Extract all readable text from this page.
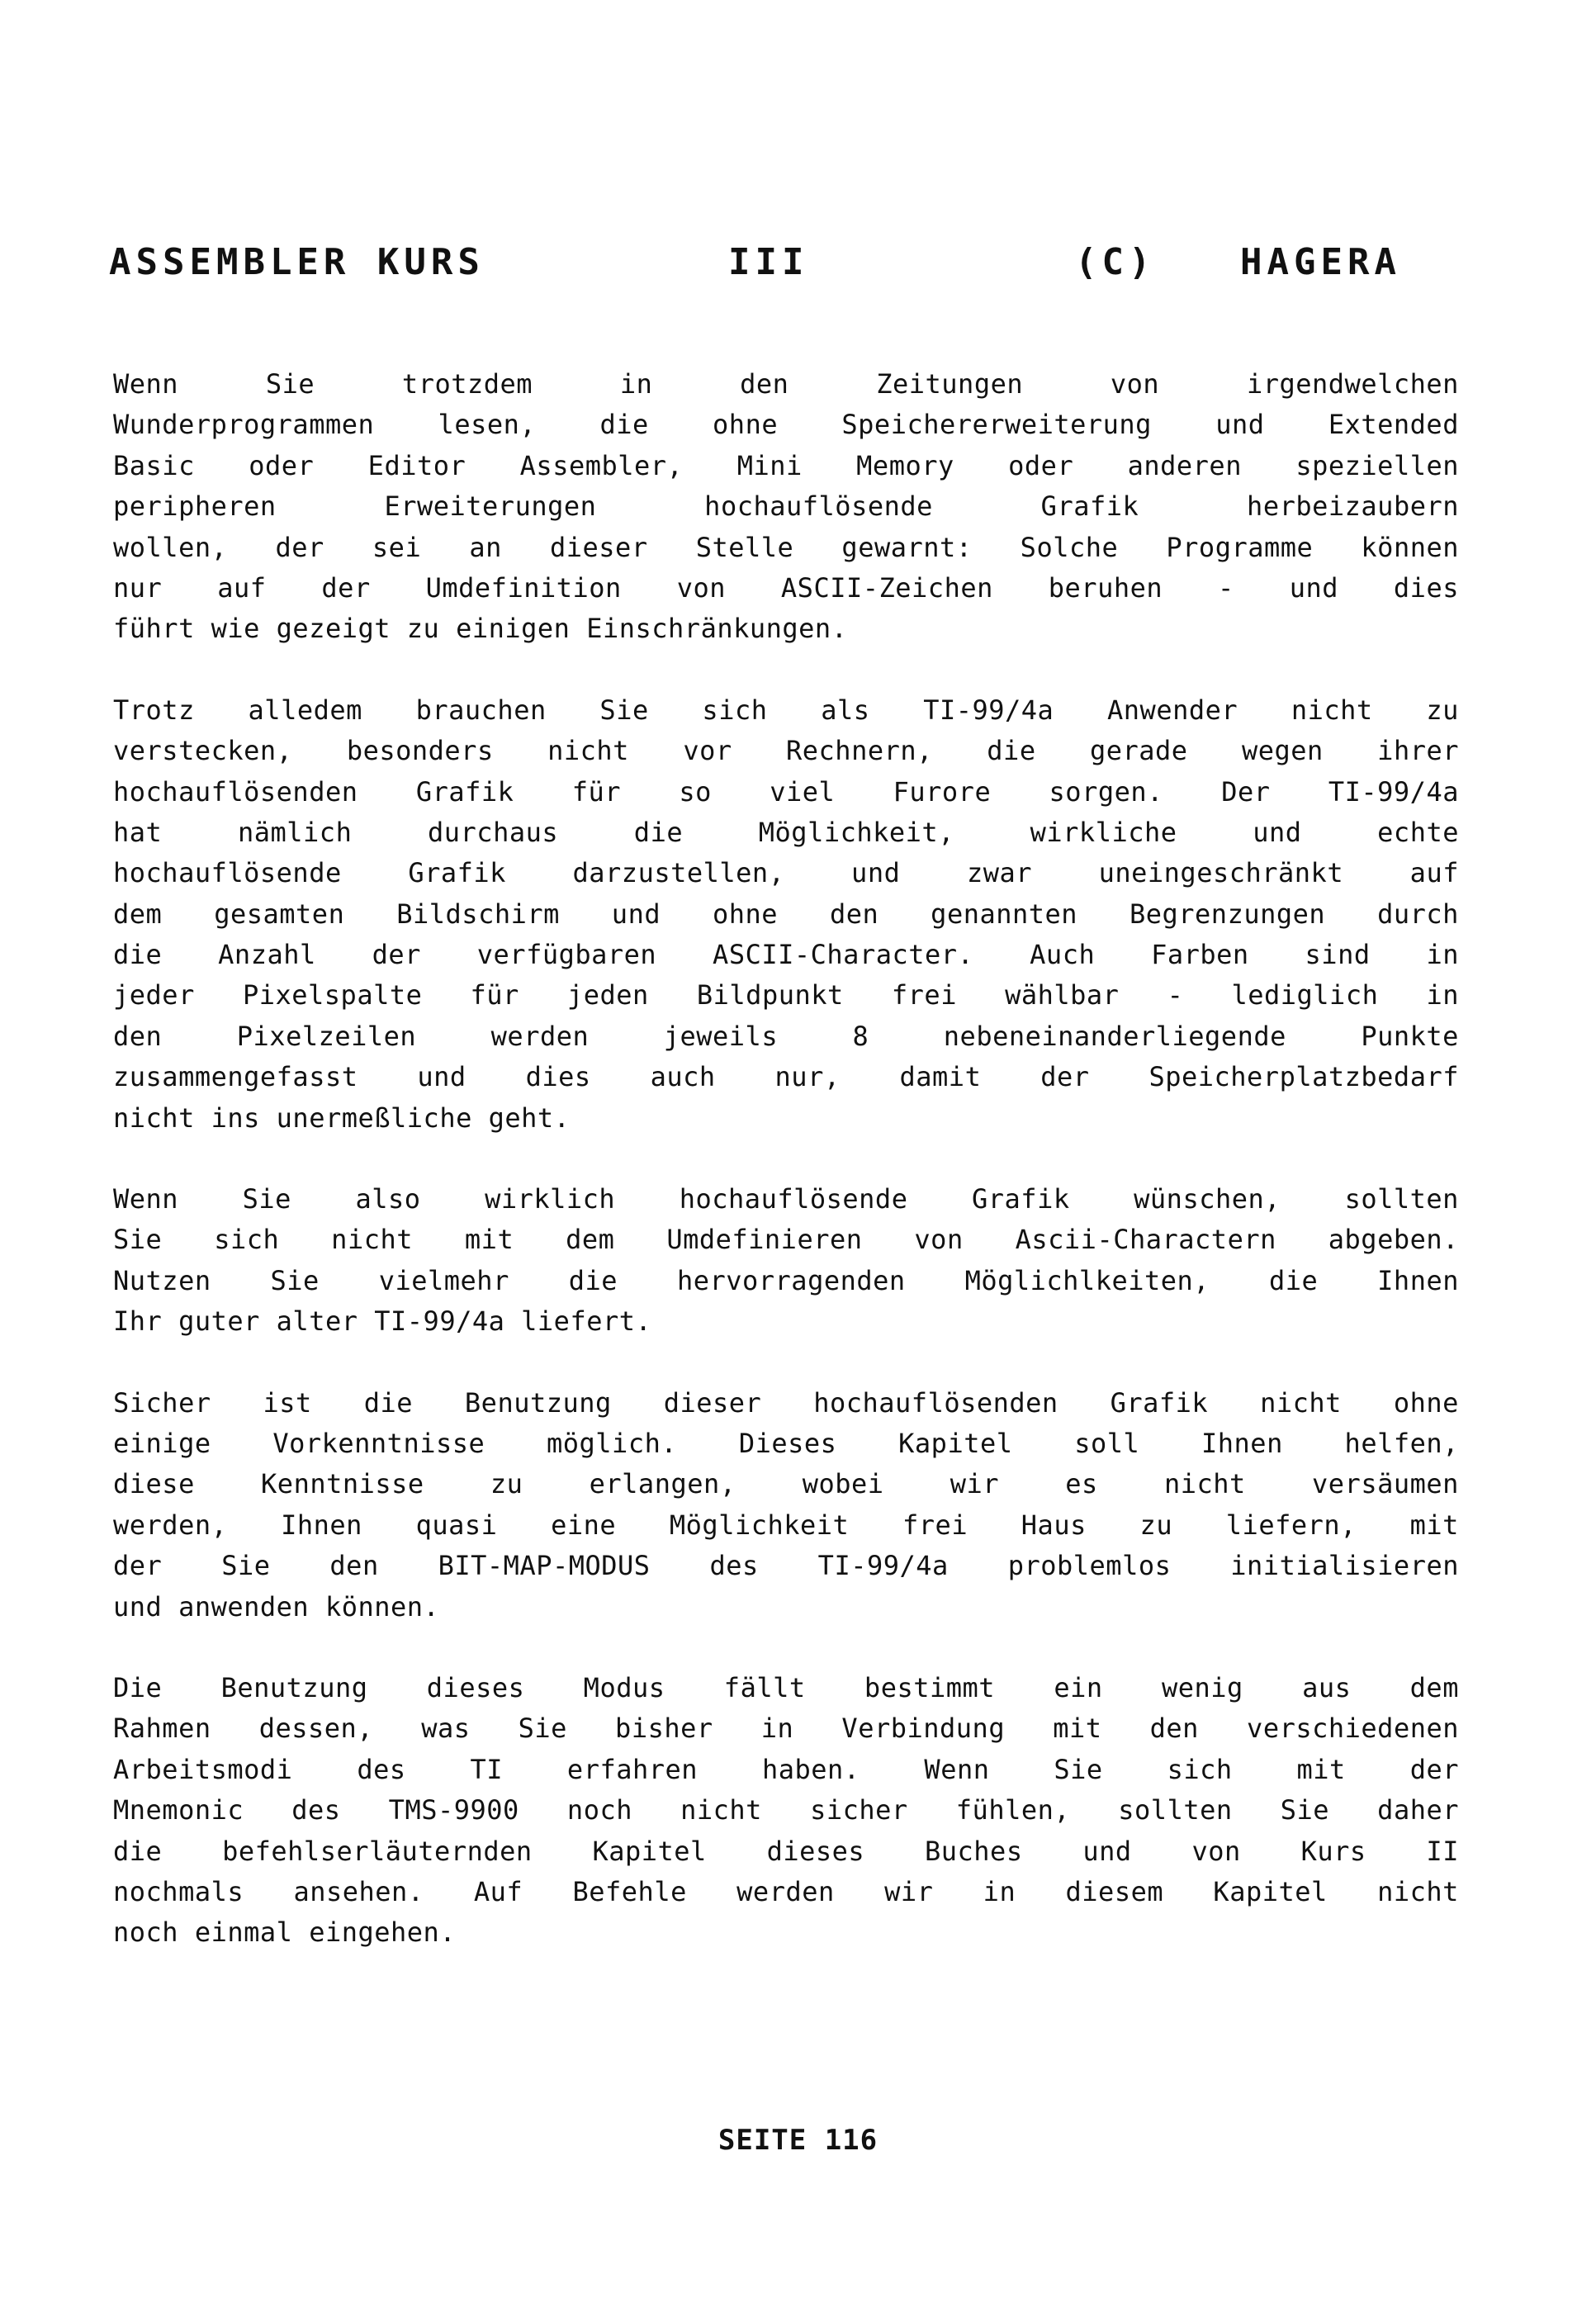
ASSEMBLER KURS

	III

	(C)

HAGERA

Wenn	Sie	trotzdem	in	den	Zeitungen	von	irgendwelchen
Wunderprogrammen lesen, die ohne Speichererweiterung und Extended
Basic oder Editor Assembler, Mini Memory oder anderen speziellen
peripheren	Erweiterungen	hochauflösende	Grafik	herbeizaubern
wollen, der sei an dieser Stelle gewarnt: Solche Programme können
nur auf der Umdefinition von ASCII-Zeichen beruhen - und dies
führt wie gezeigt zu einigen Einschränkungen.
Trotz alledem brauchen Sie sich als TI-99/4a Anwender nicht zu
verstecken, besonders nicht vor Rechnern, die gerade wegen ihrer
hochauflösenden Grafik für so viel Furore sorgen. Der TI-99/4a
hat	nämlich	durchaus	die	Möglichkeit,	wirkliche	und	echte
hochauflösende	Grafik	darzustellen,	und	zwar	uneingeschränkt	auf
dem gesamten Bildschirm und ohne den genannten Begrenzungen durch
die Anzahl der verfügbaren ASCII-Character. Auch Farben sind in
jeder Pixelspalte für jeden Bildpunkt frei wählbar - lediglich in
den	Pixelzeilen	werden	jeweils	8	nebeneinanderliegende	Punkte
zusammengefasst und dies auch nur, damit der Speicherplatzbedarf
nicht ins unermeßliche geht.
Wenn Sie also wirklich hochauflösende Grafik wünschen, sollten
Sie sich nicht mit dem Umdefinieren von Ascii-Charactern abgeben.
Nutzen Sie vielmehr die hervorragenden Möglichlkeiten, die Ihnen
Ihr guter alter TI-99/4a liefert.
Sicher ist die Benutzung dieser hochauflösenden Grafik nicht ohne
einige Vorkenntnisse möglich. Dieses Kapitel soll Ihnen helfen,
diese	Kenntnisse	zu	erlangen,	wobei	wir	es	nicht	versäumen
werden, Ihnen quasi eine Möglichkeit frei Haus zu liefern, mit
der Sie den BIT-MAP-MODUS des TI-99/4a problemlos initialisieren
und anwenden können.
Die Benutzung dieses Modus fällt bestimmt ein wenig aus dem
Rahmen dessen, was Sie bisher in Verbindung mit den verschiedenen
Arbeitsmodi des TI erfahren haben. Wenn Sie sich mit der
Mnemonic des TMS-9900 noch nicht sicher fühlen, sollten Sie daher
die befehlserläuternden Kapitel dieses Buches und von Kurs II
nochmals ansehen. Auf Befehle werden wir in diesem Kapitel nicht
noch einmal eingehen.
SEITE 116
